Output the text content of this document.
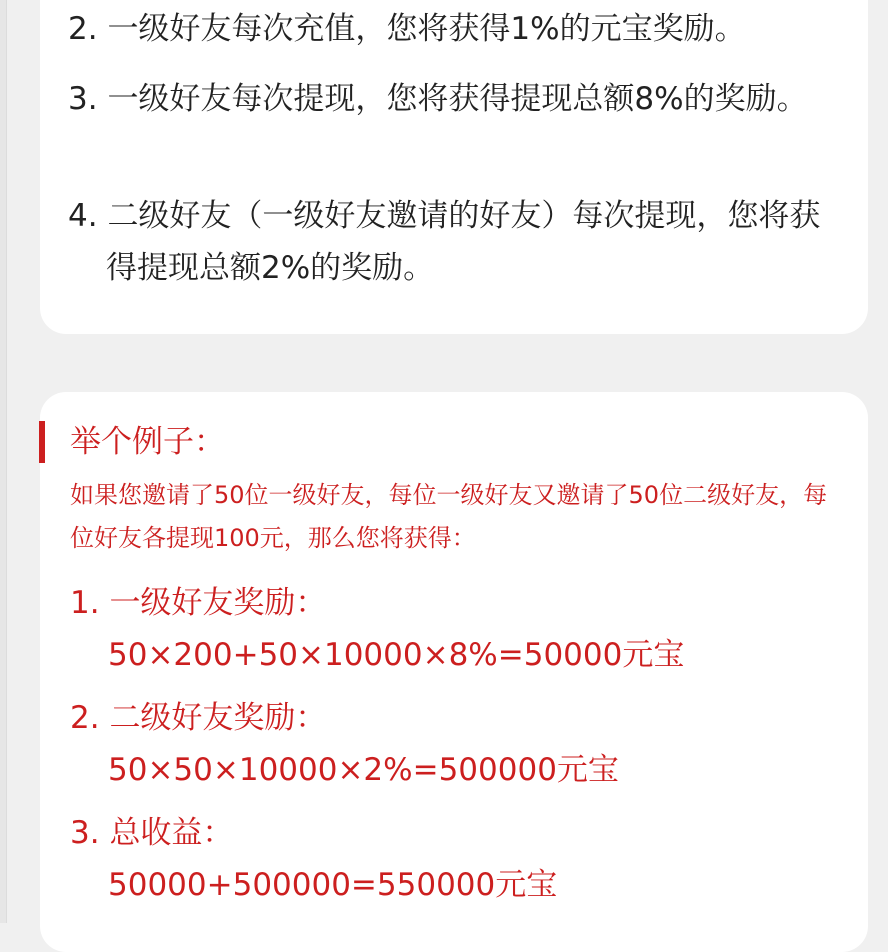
2. 一级好友每次充值，您将获得1%的元宝奖励。
3. 一级好友每次提现，您将获得提现总额8%的奖励。
4. 二级好友（一级好友邀请的好友）每次提现，您将获得提现总额2%的奖励。
举个例子：
如果您邀请了50位一级好友，每位一级好友又邀请了50位二级好友，每位好友各提现100元，那么您将获得：
1. 一级好友奖励：
50×200+50×10000×8%=50000元宝
2. 二级好友奖励：
50×50×10000×2%=500000元宝
3. 总收益：
50000+500000=550000元宝
